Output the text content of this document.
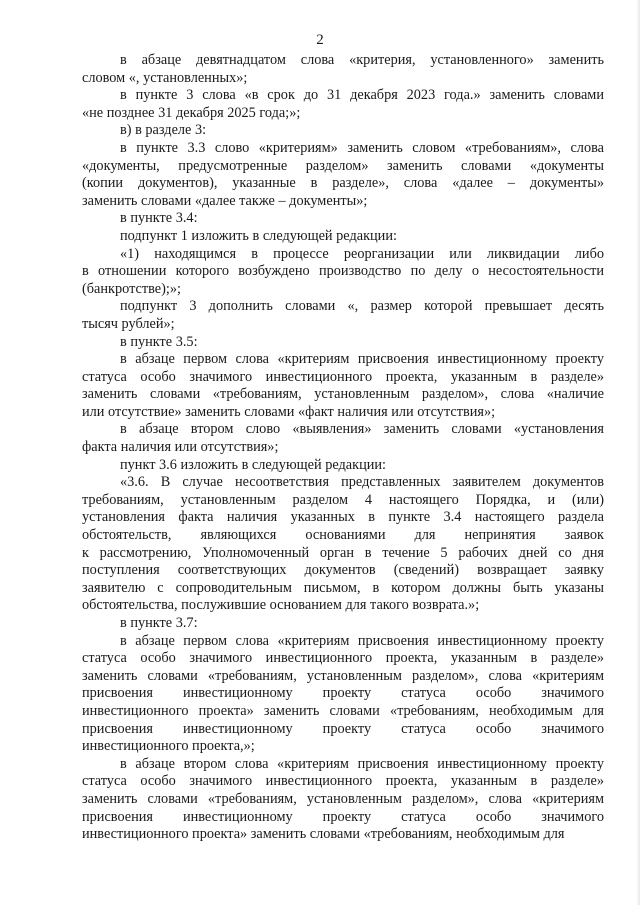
2
в абзаце девятнадцатом слова «критерия, установленного» заменить
словом «, установленных»;
в пункте 3 слова «в срок до 31 декабря 2023 года.» заменить словами
«не позднее 31 декабря 2025 года;»;
в) в разделе 3:
в пункте 3.3 слово «критериям» заменить словом «требованиям», слова
«документы, предусмотренные разделом» заменить словами «документы
(копии документов), указанные в разделе», слова «далее – документы»
заменить словами «далее также – документы»;
в пункте 3.4:
подпункт 1 изложить в следующей редакции:
«1) находящимся в процессе реорганизации или ликвидации либо
в отношении которого возбуждено производство по делу о несостоятельности
(банкротстве);»;
подпункт 3 дополнить словами «, размер которой превышает десять
тысяч рублей»;
в пункте 3.5:
в абзаце первом слова «критериям присвоения инвестиционному проекту
статуса особо значимого инвестиционного проекта, указанным в разделе»
заменить словами «требованиям, установленным разделом», слова «наличие
или отсутствие» заменить словами «факт наличия или отсутствия»;
в абзаце втором слово «выявления» заменить словами «установления
факта наличия или отсутствия»;
пункт 3.6 изложить в следующей редакции:
«3.6. В случае несоответствия представленных заявителем документов
требованиям, установленным разделом 4 настоящего Порядка, и (или)
установления факта наличия указанных в пункте 3.4 настоящего раздела
обстоятельств, являющихся основаниями для непринятия заявок
к рассмотрению, Уполномоченный орган в течение 5 рабочих дней со дня
поступления соответствующих документов (сведений) возвращает заявку
заявителю с сопроводительным письмом, в котором должны быть указаны
обстоятельства, послужившие основанием для такого возврата.»;
в пункте 3.7:
в абзаце первом слова «критериям присвоения инвестиционному проекту
статуса особо значимого инвестиционного проекта, указанным в разделе»
заменить словами «требованиям, установленным разделом», слова «критериям
присвоения инвестиционному проекту статуса особо значимого
инвестиционного проекта» заменить словами «требованиям, необходимым для
присвоения инвестиционному проекту статуса особо значимого
инвестиционного проекта,»;
в абзаце втором слова «критериям присвоения инвестиционному проекту
статуса особо значимого инвестиционного проекта, указанным в разделе»
заменить словами «требованиям, установленным разделом», слова «критериям
присвоения инвестиционному проекту статуса особо значимого
инвестиционного проекта» заменить словами «требованиям, необходимым для
